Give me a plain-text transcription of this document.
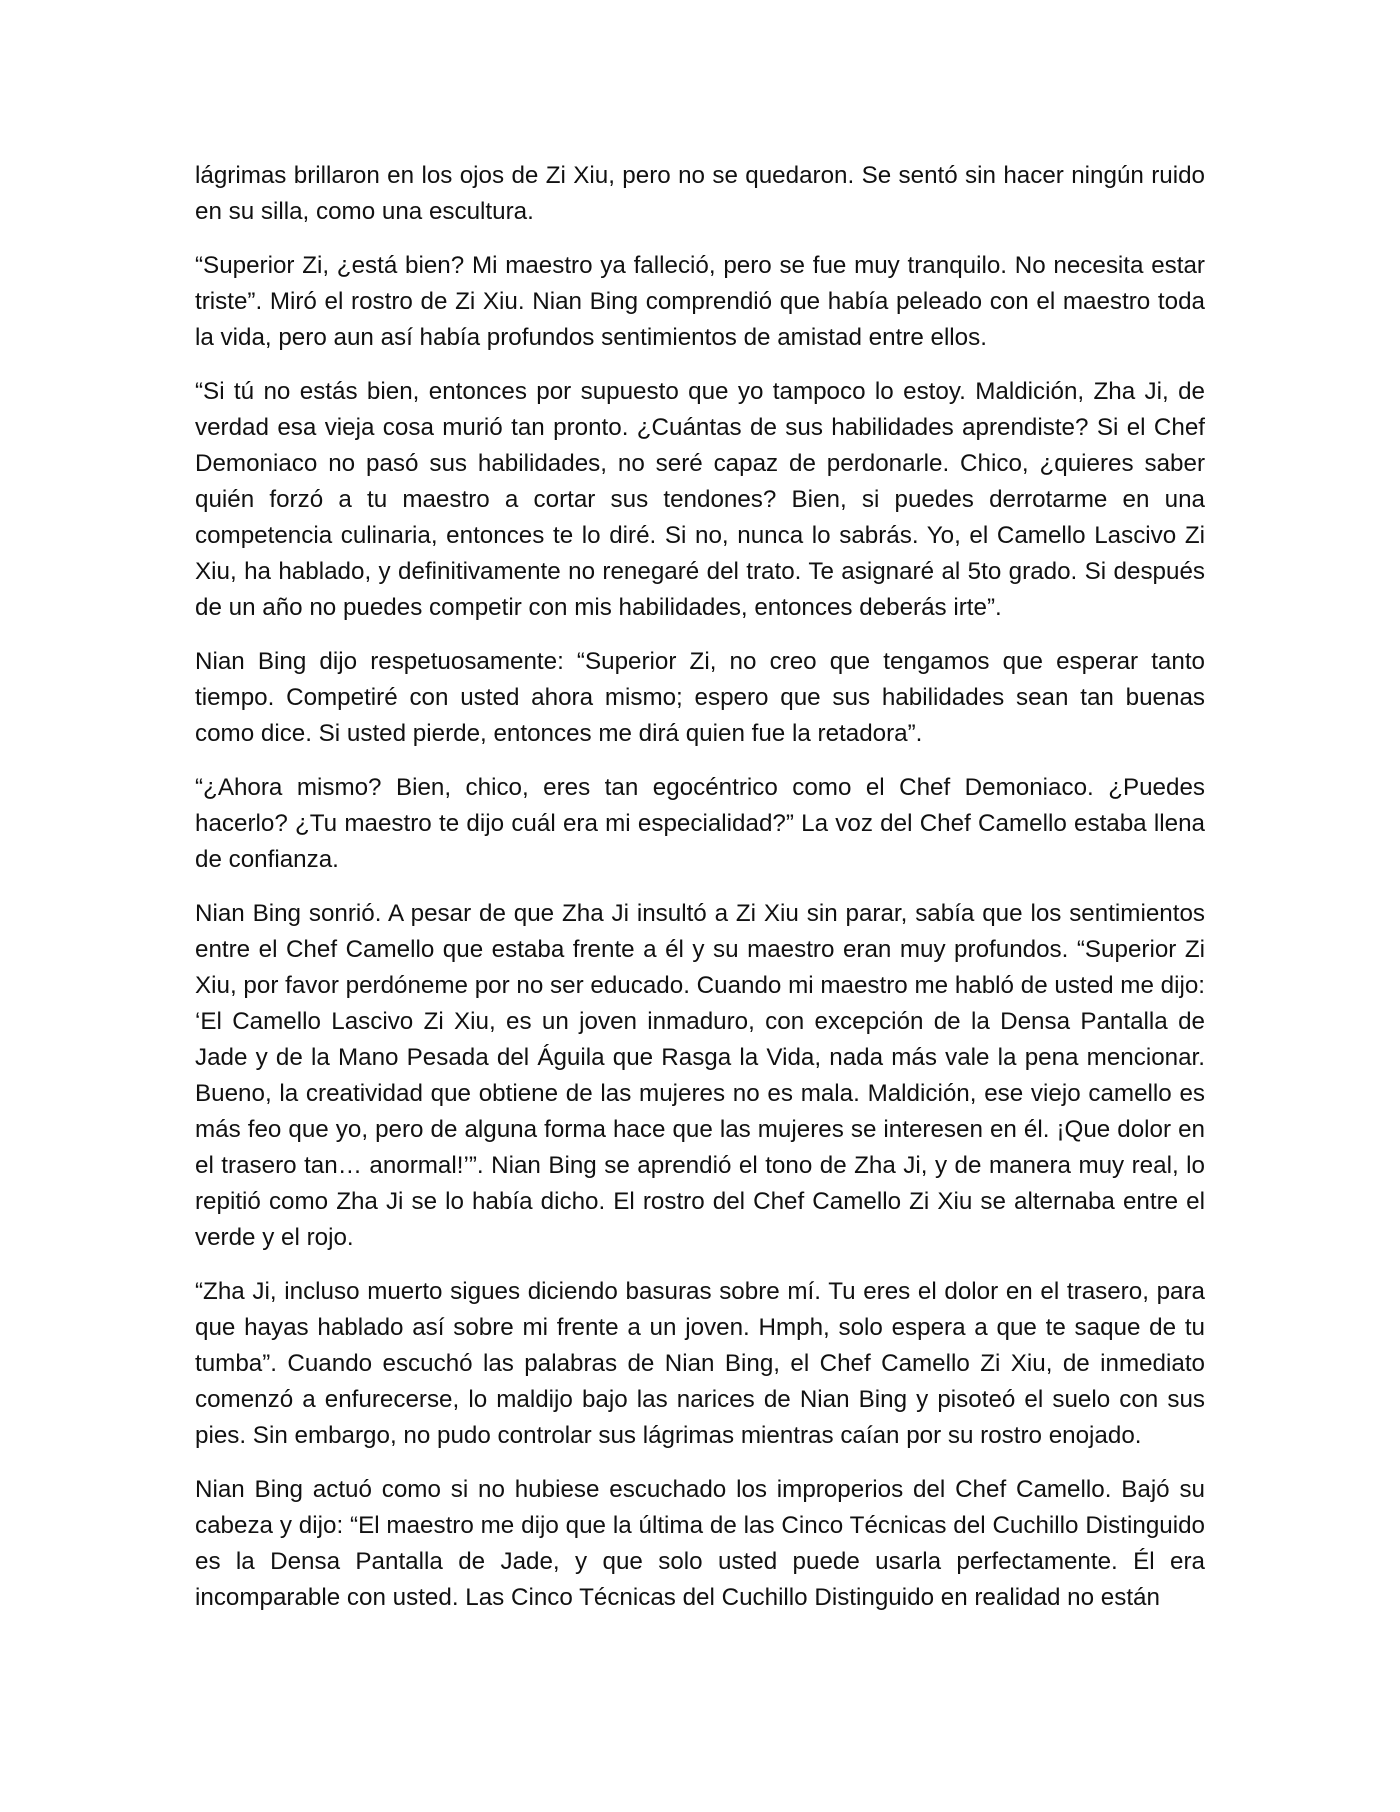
lágrimas brillaron en los ojos de Zi Xiu, pero no se quedaron. Se sentó sin hacer ningún ruido en su silla, como una escultura.

“Superior Zi, ¿está bien? Mi maestro ya falleció, pero se fue muy tranquilo. No necesita estar triste”. Miró el rostro de Zi Xiu. Nian Bing comprendió que había peleado con el maestro toda la vida, pero aun así había profundos sentimientos de amistad entre ellos.

“Si tú no estás bien, entonces por supuesto que yo tampoco lo estoy. Maldición, Zha Ji, de verdad esa vieja cosa murió tan pronto. ¿Cuántas de sus habilidades aprendiste? Si el Chef Demoniaco no pasó sus habilidades, no seré capaz de perdonarle. Chico, ¿quieres saber quién forzó a tu maestro a cortar sus tendones? Bien, si puedes derrotarme en una competencia culinaria, entonces te lo diré. Si no, nunca lo sabrás. Yo, el Camello Lascivo Zi Xiu, ha hablado, y definitivamente no renegaré del trato. Te asignaré al 5to grado. Si después de un año no puedes competir con mis habilidades, entonces deberás irte”.

Nian Bing dijo respetuosamente: “Superior Zi, no creo que tengamos que esperar tanto tiempo. Competiré con usted ahora mismo; espero que sus habilidades sean tan buenas como dice. Si usted pierde, entonces me dirá quien fue la retadora”.

“¿Ahora mismo? Bien, chico, eres tan egocéntrico como el Chef Demoniaco. ¿Puedes hacerlo? ¿Tu maestro te dijo cuál era mi especialidad?” La voz del Chef Camello estaba llena de confianza.

Nian Bing sonrió. A pesar de que Zha Ji insultó a Zi Xiu sin parar, sabía que los sentimientos entre el Chef Camello que estaba frente a él y su maestro eran muy profundos. “Superior Zi Xiu, por favor perdóneme por no ser educado. Cuando mi maestro me habló de usted me dijo: ‘El Camello Lascivo Zi Xiu, es un joven inmaduro, con excepción de la Densa Pantalla de Jade y de la Mano Pesada del Águila que Rasga la Vida, nada más vale la pena mencionar. Bueno, la creatividad que obtiene de las mujeres no es mala. Maldición, ese viejo camello es más feo que yo, pero de alguna forma hace que las mujeres se interesen en él. ¡Que dolor en el trasero tan… anormal!’”. Nian Bing se aprendió el tono de Zha Ji, y de manera muy real, lo repitió como Zha Ji se lo había dicho. El rostro del Chef Camello Zi Xiu se alternaba entre el verde y el rojo.

“Zha Ji, incluso muerto sigues diciendo basuras sobre mí. Tu eres el dolor en el trasero, para que hayas hablado así sobre mi frente a un joven. Hmph, solo espera a que te saque de tu tumba”. Cuando escuchó las palabras de Nian Bing, el Chef Camello Zi Xiu, de inmediato comenzó a enfurecerse, lo maldijo bajo las narices de Nian Bing y pisoteó el suelo con sus pies. Sin embargo, no pudo controlar sus lágrimas mientras caían por su rostro enojado.

Nian Bing actuó como si no hubiese escuchado los improperios del Chef Camello. Bajó su cabeza y dijo: “El maestro me dijo que la última de las Cinco Técnicas del Cuchillo Distinguido es la Densa Pantalla de Jade, y que solo usted puede usarla perfectamente. Él era incomparable con usted. Las Cinco Técnicas del Cuchillo Distinguido en realidad no están
